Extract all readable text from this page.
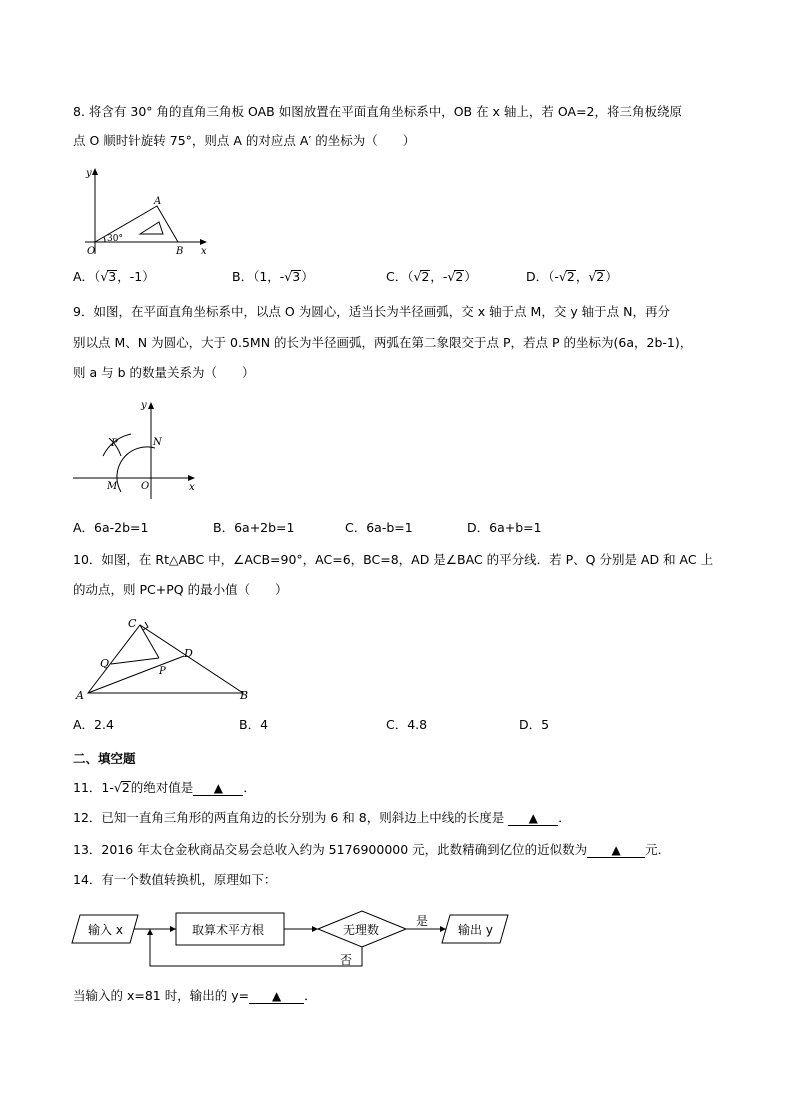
8. 将含有 30° 角的直角三角板 OAB 如图放置在平面直角坐标系中，OB 在 x 轴上，若 OA=2，将三角板绕原
点 O 顺时针旋转 75°，则点 A 的对应点 A′ 的坐标为（　　）
y
x
A
O	B
30°
A．（√3，-1）	B．（1，-√3）	C．（√2，-√2）	D．（-√2，√2）
9．如图，在平面直角坐标系中，以点 O 为圆心，适当长为半径画弧，交 x 轴于点 M，交 y 轴于点 N，再分
别以点 M、N 为圆心，大于 0.5MN 的长为半径画弧，两弧在第二象限交于点 P，若点 P 的坐标为(6a，2b-1)，
则 a 与 b 的数量关系为（　　）
y
x
P	N
M O
A．6a-2b=1	B．6a+2b=1	C．6a-b=1	D．6a+b=1
10．如图，在 Rt△ABC 中，∠ACB=90°，AC=6，BC=8，AD 是∠BAC 的平分线．若 P、Q 分别是 AD 和 AC 上
的动点，则 PC+PQ 的最小值（　　）
C
Q
D
P
A	B
A．2.4	B．4	C．4.8	D．5
二、填空题
11．1-√2的绝对值是 ▲ ．
12．已知一直角三角形的两直角边的长分别为 6 和 8，则斜边上中线的长度是 ▲ ．
13．2016 年太仓金秋商品交易会总收入约为 5176900000 元，此数精确到亿位的近似数为 ▲ 元．
14．有一个数值转换机，原理如下：
输入 x	取算术平方根	无理数
是
输出 y
否
当输入的 x=81 时，输出的 y= ▲ ．
